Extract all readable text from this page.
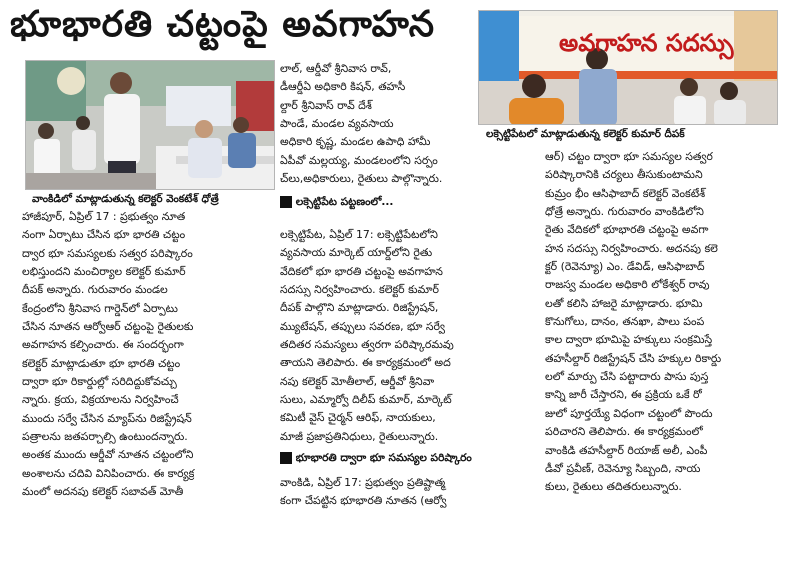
భూభారతి చట్టంపై అవగాహన
వాంకిడిలో మాట్లాడుతున్న కలెక్టర్ వెంకటేశ్ ధోత్రే
అవగాహన సదస్సు
లక్సెట్టిపేటలో మాట్లాడుతున్న కలెక్టర్ కుమార్ దీపక్
హాజీపూర్, ఏప్రిల్ 17 : ప్రభుత్వం నూత
నంగా ఏర్పాటు చేసిన భూ భారతి చట్టం
ద్వార భూ సమస్యలకు సత్వర పరిష్కారం
లభిస్తుందని మంచిర్యాల కలెక్టర్ కుమార్
దీపక్ అన్నారు. గురువారం మండల
కేంద్రంలోని శ్రీనివాస గార్డెన్‌లో ఏర్పాటు
చేసిన నూతన ఆర్వోఆర్ చట్టంపై రైతులకు
అవగాహన కల్పించారు. ఈ సందర్భంగా
కలెక్టర్ మాట్లాడుతూ భూ భారతి చట్టం
ద్వారా భూ రికార్డుల్లో సరిదిద్దుకోవచ్చు
న్నారు. క్రయ, విక్రయాలను నిర్వహించే
ముందు సర్వే చేసిన మ్యాప్‌ను రిజిస్ట్రేషన్
పత్రాలను జతపర్చాల్సి ఉంటుందన్నారు.
అంతక ముందు ఆర్డీవో నూతన చట్టంలోని
అంశాలను చదివి వినిపించారు. ఈ కార్యక్ర
మంలో అదనపు కలెక్టర్ సబావత్ మోతీ
లాల్, ఆర్డీవో శ్రీనివాస రావ్,
డీఆర్డీఏ అధికారి కిషన్, తహసీ
ల్దార్ శ్రీనివాస్ రావ్ దేశ్
పాండే, మండల వ్యవసాయ
అధికారి కృష్ణ, మండల ఉపాధి హామీ
ఏపీవో మల్లయ్య, మండలంలోని సర్పం
చ్‌లు,అధికారులు, రైతులు పాల్గొన్నారు.
లక్సెట్టిపేట పట్టణంలో...
లక్సెట్టిపేట, ఏప్రిల్ 17: లక్సెట్టిపేటలోని
వ్యవసాయ మార్కెట్ యార్డ్‌లోని రైతు
వేదికలో భూ భారతి చట్టంపై అవగాహన
సదస్సు నిర్వహించారు. కలెక్టర్ కుమార్
దీపక్ పాల్గొని మాట్లాడారు. రిజిస్ట్రేషన్,
మ్యుటేషన్, తప్పులు సవరణ, భూ సర్వే
తదితర సమస్యలు త్వరగా పరిష్కారమవు
తాయని తెలిపారు. ఈ కార్యక్రమంలో అద
నపు కలెక్టర్ మోతీలాల్, ఆర్డీవో శ్రీనివా
సులు, ఎమ్మార్వో దిలీప్ కుమార్, మార్కెట్
కమిటీ వైస్ చైర్మన్ ఆరిఫ్, నాయకులు,
మాజీ ప్రజాప్రతినిధులు, రైతులున్నారు.
భూభారతి ద్వారా భూ సమస్యల పరిష్కారం
వాంకిడి, ఏప్రిల్ 17: ప్రభుత్వం ప్రతిష్టాత్మ
కంగా చేపట్టిన భూభారతి నూతన (ఆర్వో
ఆర్) చట్టం ద్వారా భూ సమస్యల సత్వర
పరిష్కారానికి చర్యలు తీసుకుంటామని
కుమ్రం భీం ఆసిఫాబాద్ కలెక్టర్ వెంకటేశ్
ధోత్రే అన్నారు. గురువారం వాంకిడిలోని
రైతు వేదికలో భూభారతి చట్టంపై అవగా
హన సదస్సు నిర్వహించారు. అదనపు కలె
క్టర్ (రెవెన్యూ) ఎం. డేవిడ్, ఆసిఫాబాద్
రాజస్వ మండల అధికారి లోకేశ్వర్ రావు
లతో కలిసి హాజరై మాట్లాడారు. భూమి
కొనుగోలు, దానం, తనఖా, పాలు పంప
కాల ద్వారా భూమిపై హక్కులు సంక్రమిస్తే
తహసీల్దార్ రిజిస్ట్రేషన్ చేసి హక్కుల రికార్డు
లలో మార్పు చేసి పట్టాదారు పాసు పుస్త
కాన్ని జారీ చేస్తారని, ఈ ప్రక్రియ ఒకే రో
జులో పూర్తయ్యే విధంగా చట్టంలో పొందు
పరిచారని తెలిపారు. ఈ కార్యక్రమంలో
వాంకిడి తహసీల్దార్ రియాజ్ అలీ, ఎంపీ
డీవో ప్రవీణ్, రెవెన్యూ సిబ్బంది, నాయ
కులు, రైతులు తదితరులున్నారు.
